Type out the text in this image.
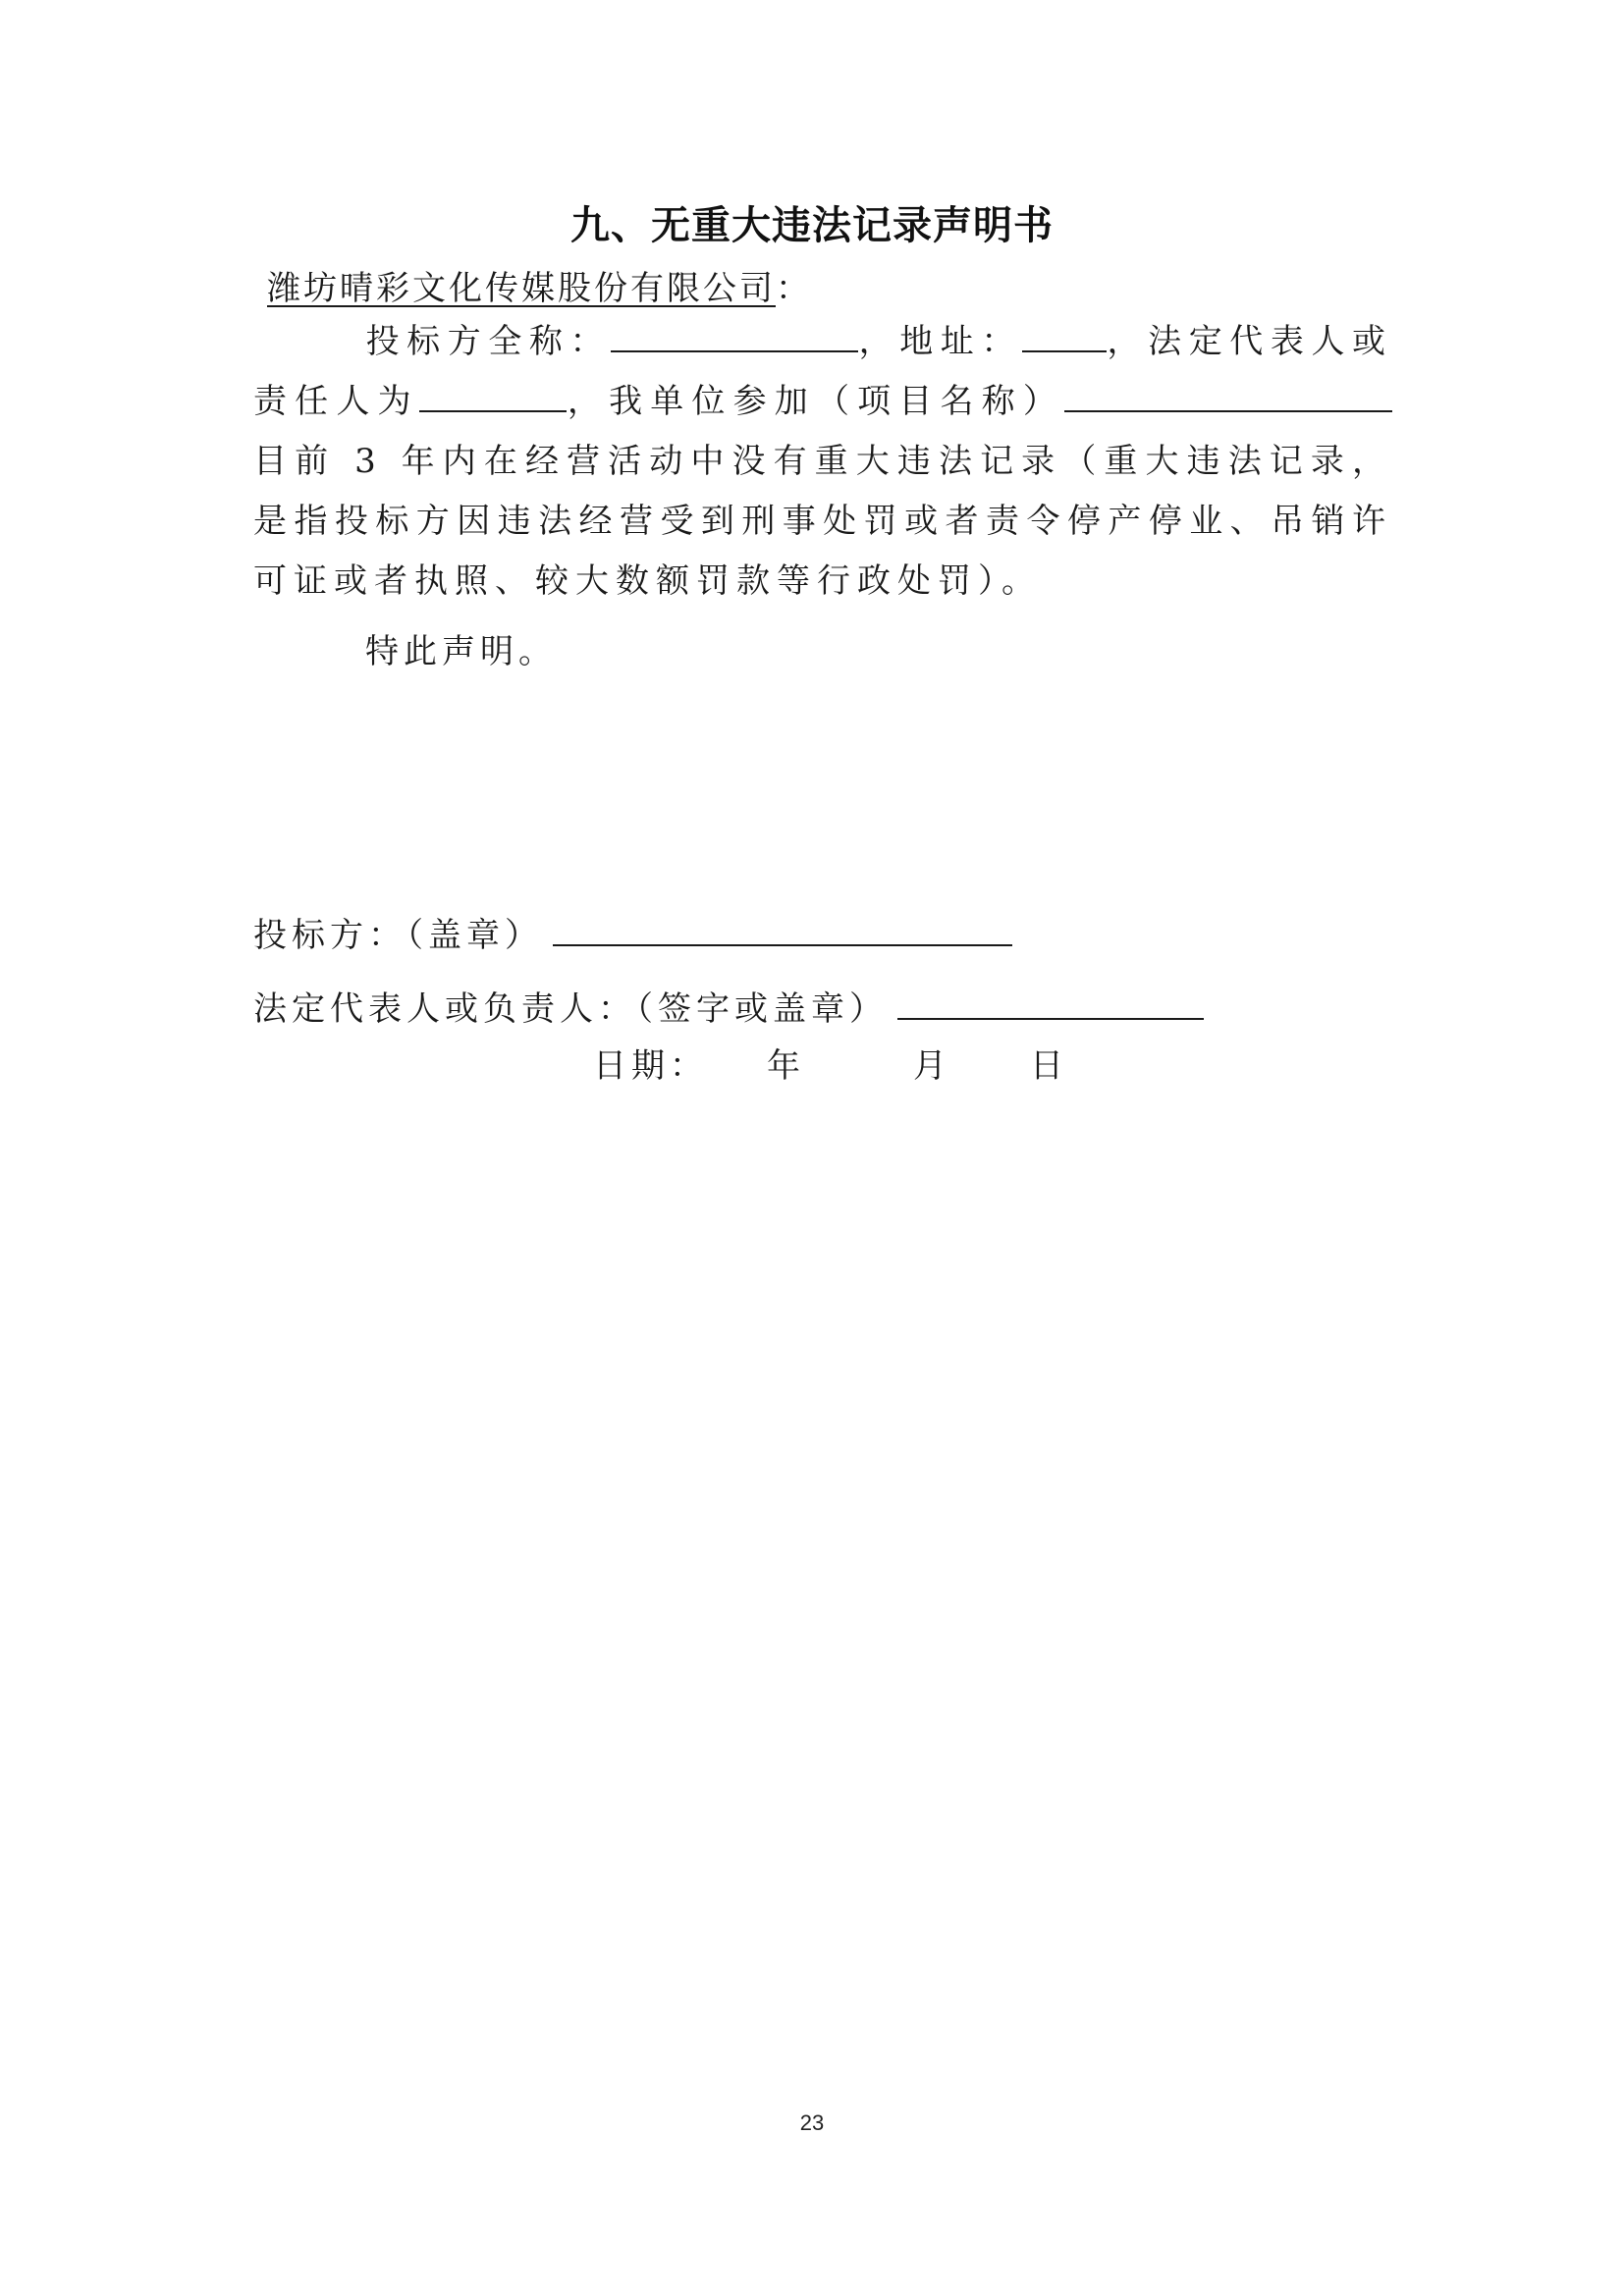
九、无重大违法记录声明书
潍坊晴彩文化传媒股份有限公司：

投标方全称：	，地址：	，法定代表人或责任人为	，我单位参加（项目名称） 目前 3 年内在经营活动中没有重大违法记录（重大违法记录，是指投标方因违法经营受到刑事处罚或者责令停产停业、吊销许可证或者执照、较大数额罚款等行政处罚）。

特此声明。
投标方：（盖章）
法定代表人或负责人：（签字或盖章）
日期： 年	月 日
23
